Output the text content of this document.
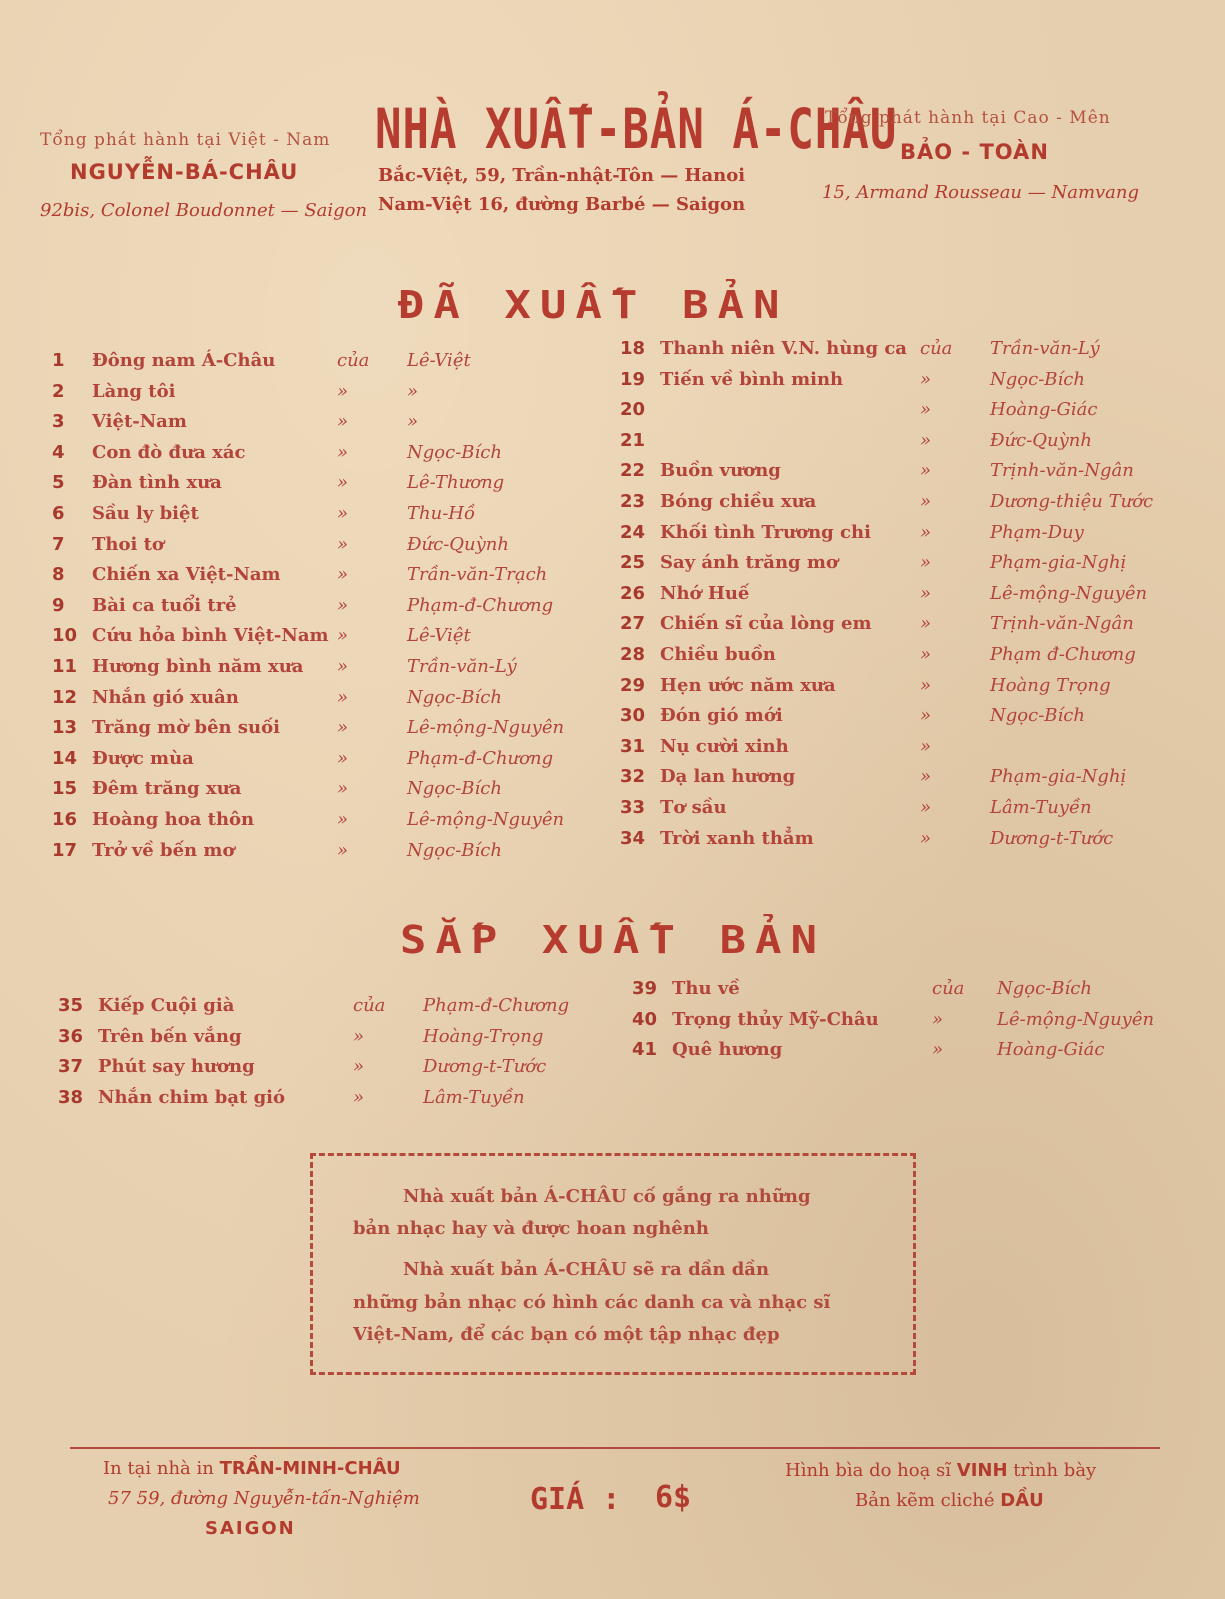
Tổng phát hành tại Việt - Nam
NGUYỄN-BÁ-CHÂU
92bis, Colonel Boudonnet — Saigon
NHÀ XUẤT-BẢN Á-CHÂU
Bắc-Việt, 59, Trần-nhật-Tôn — Hanoi
Nam-Việt 16, đường Barbé — Saigon
Tổng phát hành tại Cao - Mên
BẢO - TOÀN
15, Armand Rousseau — Namvang
ĐÃ XUẤT BẢN
1	Đông nam Á-Châu	của Lê-Việt
2	Làng tôi	»	»
3	Việt-Nam	»	»
4	Con đò đưa xác	»	Ngọc-Bích
5	Đàn tình xưa	»	Lê-Thương
6	Sầu ly biệt	»	Thu-Hồ
7	Thoi tơ	»	Đức-Quỳnh
8	Chiến xa Việt-Nam	»	Trần-văn-Trạch
9	Bài ca tuổi trẻ	»	Phạm-đ-Chương
10 Cứu hỏa bình Việt-Nam »	Lê-Việt
11 Hương bình năm xưa »	Trần-văn-Lý
12 Nhắn gió xuân	»	Ngọc-Bích
13 Trăng mờ bên suối	»	Lê-mộng-Nguyên
14 Được mùa	»	Phạm-đ-Chương
15 Đêm trăng xưa	»	Ngọc-Bích
16 Hoàng hoa thôn	»	Lê-mộng-Nguyên
17 Trở về bến mơ	»	Ngọc-Bích
18 Thanh niên V.N. hùng ca của Trần-văn-Lý
19 Tiến về bình minh	»	Ngọc-Bích
20	»	Hoàng-Giác
21	»	Đức-Quỳnh
22 Buồn vương	»	Trịnh-văn-Ngân
23 Bóng chiều xưa	»	Dương-thiệu Tước
24 Khối tình Trương chi	»	Phạm-Duy
25 Say ánh trăng mơ	»	Phạm-gia-Nghị
26 Nhớ Huế	»	Lê-mộng-Nguyên
27 Chiến sĩ của lòng em	»	Trịnh-văn-Ngân
28 Chiều buồn	»	Phạm đ-Chương
29 Hẹn ước năm xưa	»	Hoàng Trọng
30 Đón gió mới	»	Ngọc-Bích
31 Nụ cười xinh	»
32 Dạ lan hương	»	Phạm-gia-Nghị
33 Tơ sầu	»	Lâm-Tuyền
34 Trời xanh thẳm	»	Dương-t-Tước
SẮP XUẤT BẢN
35 Kiếp Cuội già	của Phạm-đ-Chương
36 Trên bến vắng	»	Hoàng-Trọng
37 Phút say hương	»	Dương-t-Tước
38 Nhắn chim bạt gió	»	Lâm-Tuyền
39 Thu về	của Ngọc-Bích
40 Trọng thủy Mỹ-Châu	»	Lê-mộng-Nguyên
41 Quê hương	»	Hoàng-Giác
Nhà xuất bản Á-CHÂU cố gắng ra những
bản nhạc hay và được hoan nghênh
Nhà xuất bản Á-CHÂU sẽ ra dần dần
những bản nhạc có hình các danh ca và nhạc sĩ
Việt-Nam, để các bạn có một tập nhạc đẹp
In tại nhà in TRẦN-MINH-CHÂU
57 59, đường Nguyễn-tấn-Nghiệm
SAIGON
GIÁ : 6$
Hình bìa do hoạ sĩ VINH trình bày
Bản kẽm cliché DẦU
